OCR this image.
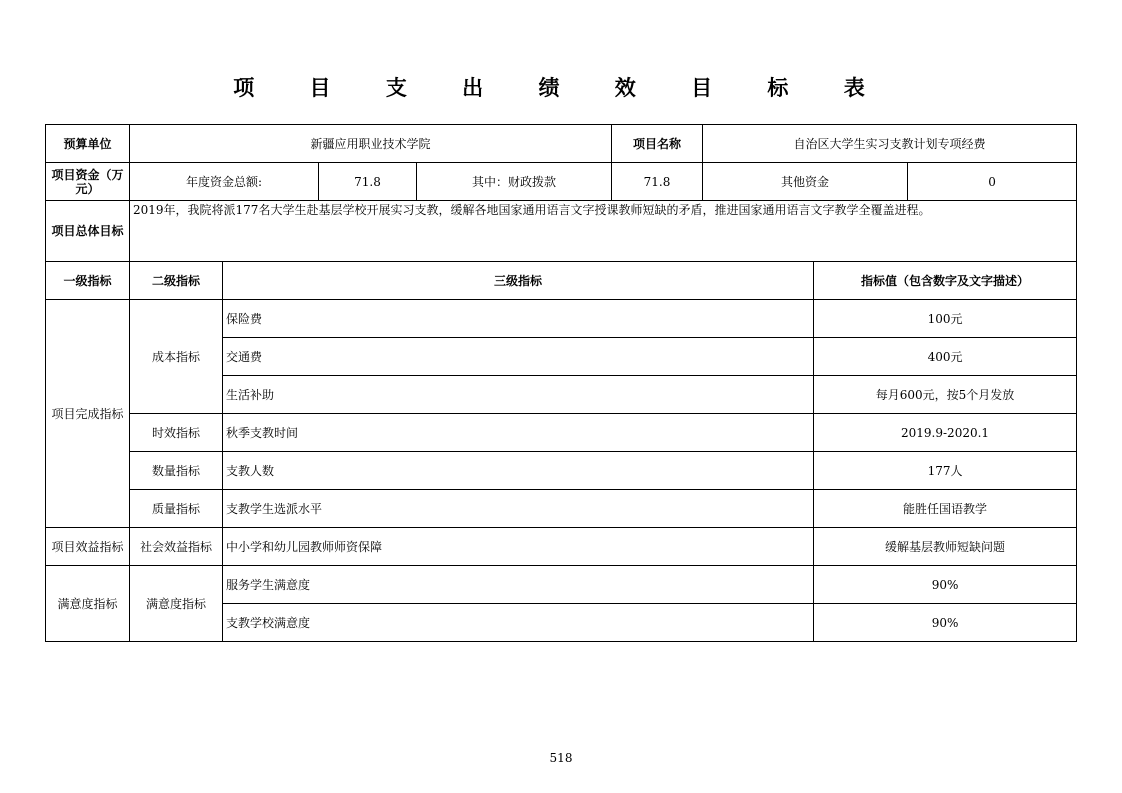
项 目 支 出 绩 效 目 标 表
预算单位	新疆应用职业技术学院				项目名称	自治区大学生实习支教计划专项经费		
项目资金（万元）	年度资金总额:		71.8	其中：财政拨款	71.8	其他资金		0
项目总体目标	2019年，我院将派177名大学生赴基层学校开展实习支教，缓解各地国家通用语言文字授课教师短缺的矛盾，推进国家通用语言文字教学全覆盖进程。							
一级指标	二级指标	三级指标					指标值（包含数字及文字描述）	
项目完成指标	成本指标	保险费					100元	
		交通费					400元	
		生活补助					每月600元，按5个月发放	
	时效指标	秋季支教时间					2019.9-2020.1	
	数量指标	支教人数					177人	
	质量指标	支教学生选派水平					能胜任国语教学	
项目效益指标	社会效益指标	中小学和幼儿园教师师资保障					缓解基层教师短缺问题	
满意度指标	满意度指标	服务学生满意度					90%	
		支教学校满意度					90%	
518
